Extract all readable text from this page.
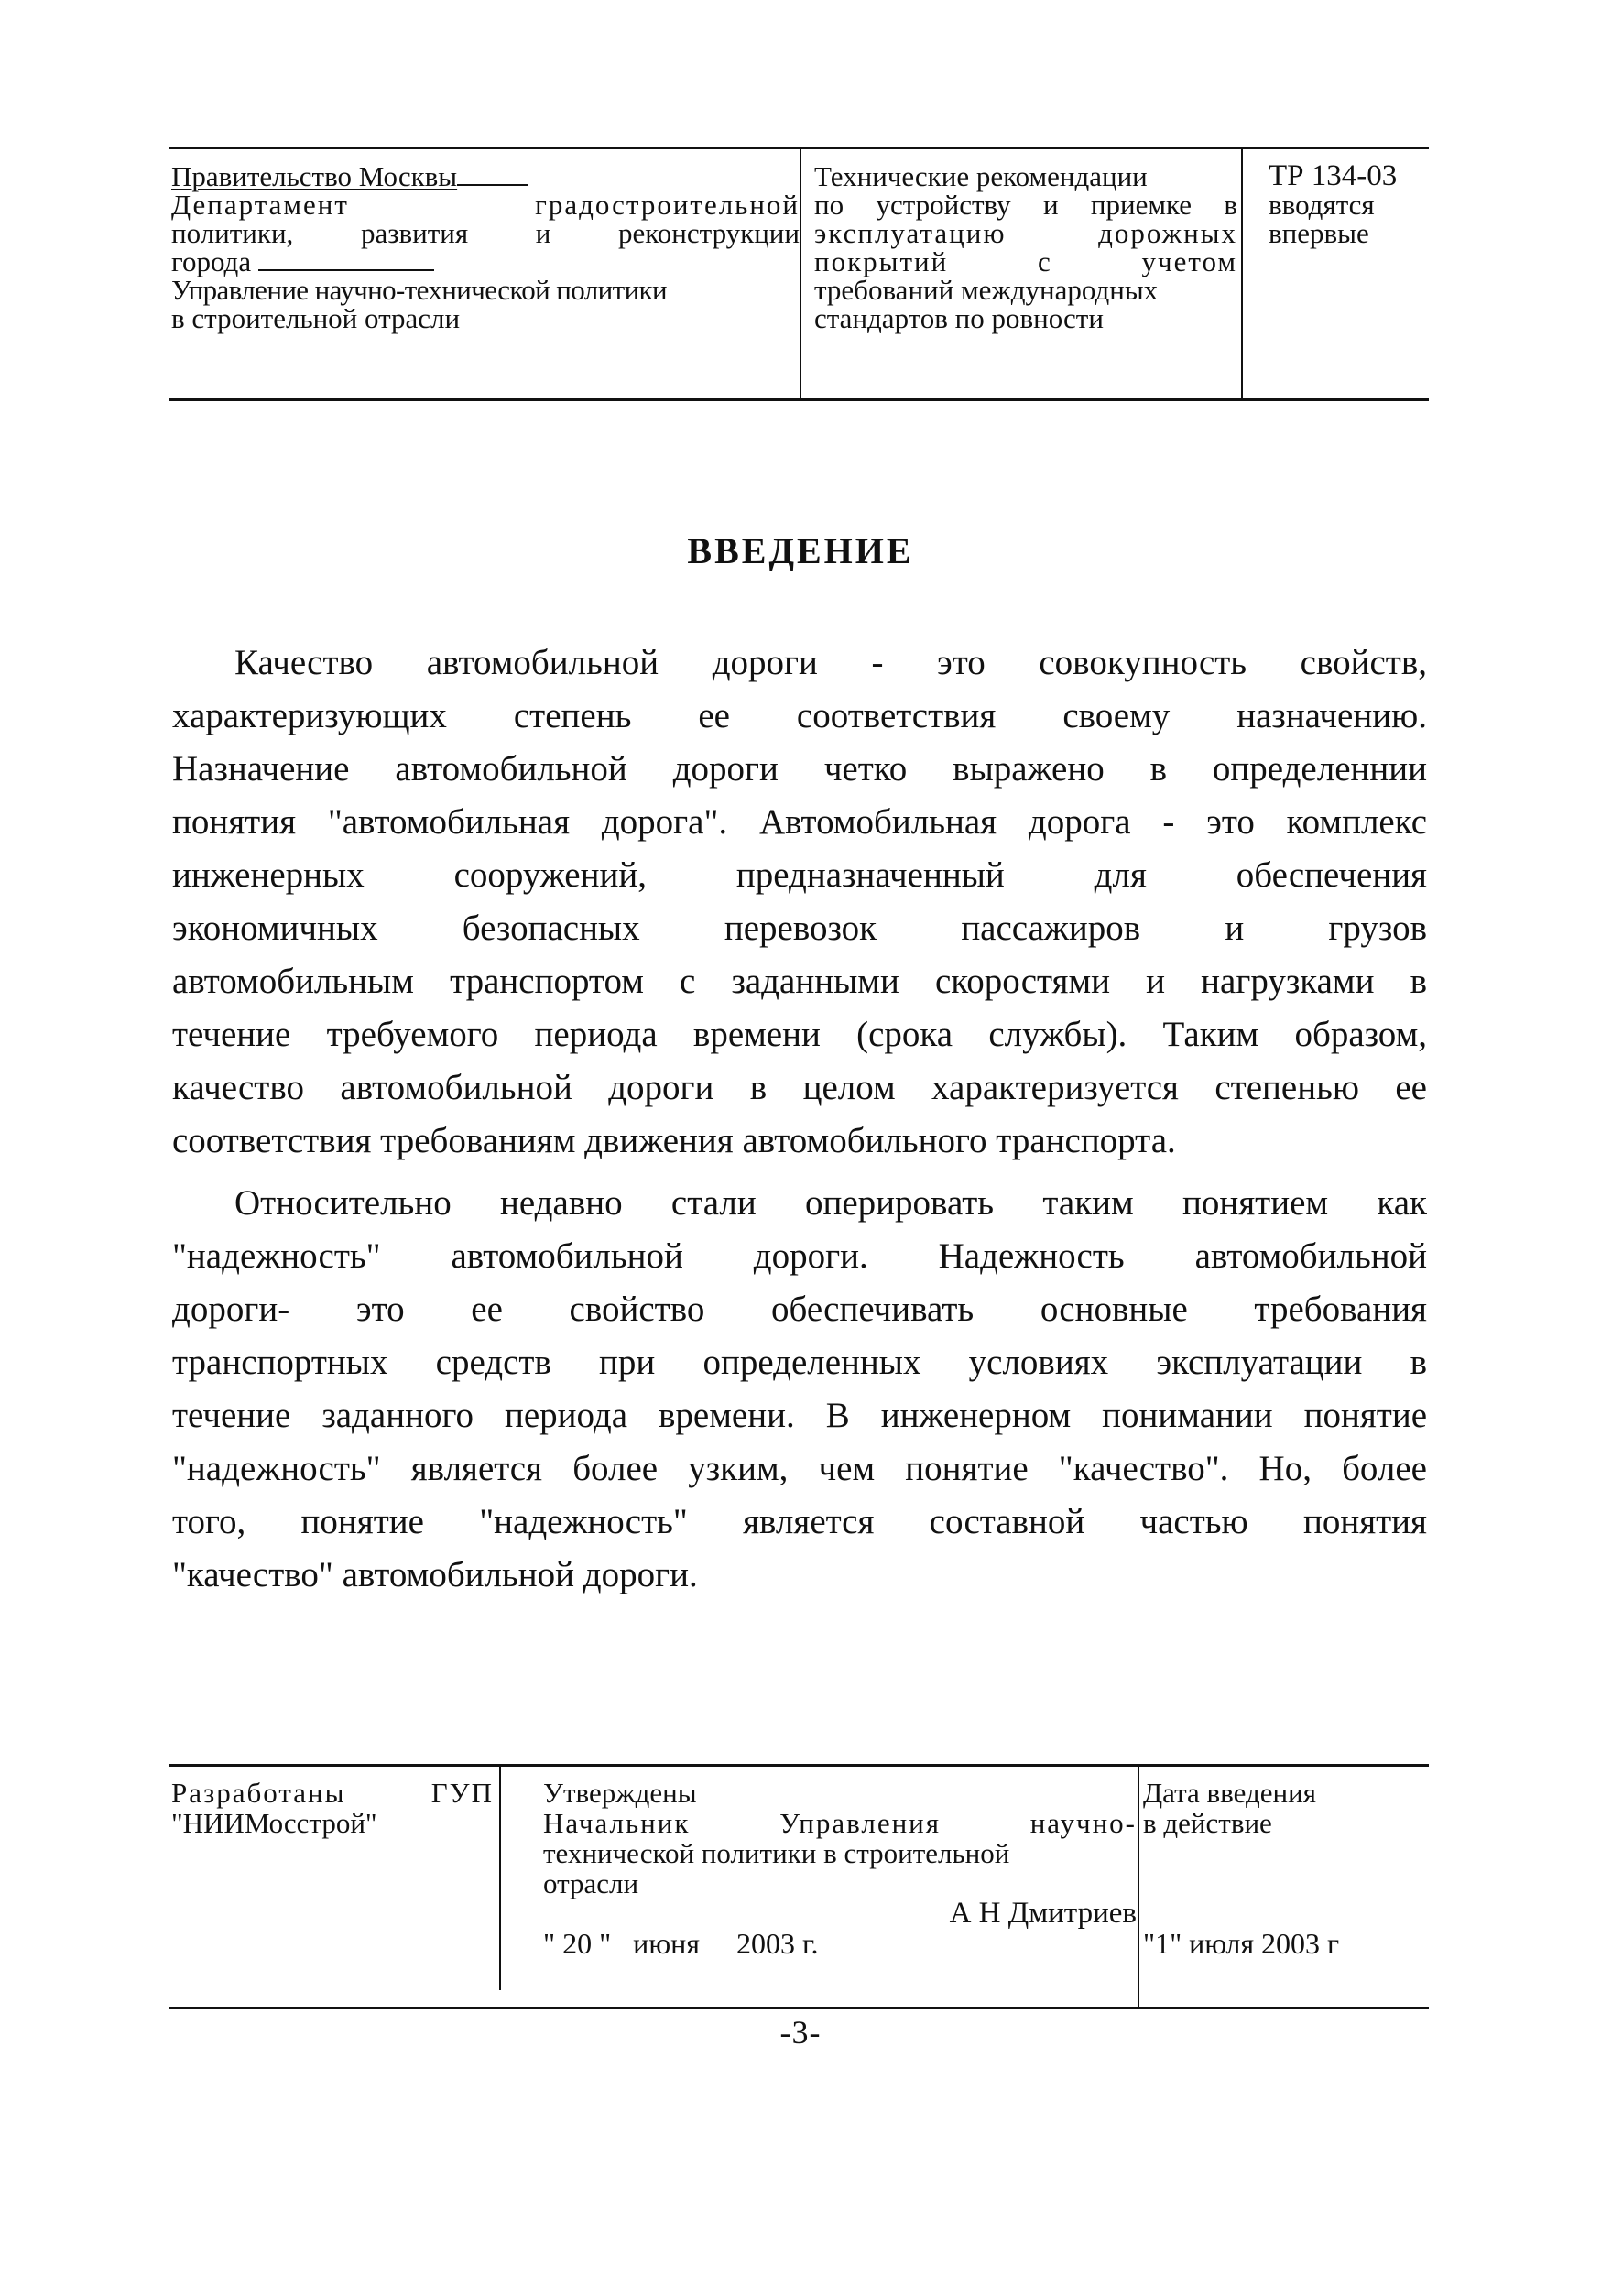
Правительство Москвы
Департамент градостроительной
политики, развития и реконструкции
города
Управление научно-технической политики
в строительной отрасли
Технические рекомендации
по устройству и приемке в
эксплуатацию дорожных
покрытий с учетом
требований международных
стандартов по ровности
ТР 134-03
вводятся
впервые
ВВЕДЕНИЕ

Качество автомобильной дороги - это совокупность свойств,

характеризующих степень ее соответствия своему назначению.

Назначение автомобильной дороги четко выражено в определеннии

понятия "автомобильная дорога". Автомобильная дорога - это комплекс

инженерных сооружений, предназначенный для обеспечения

экономичных безопасных перевозок пассажиров и грузов

автомобильным транспортом с заданными скоростями и нагрузками в

течение требуемого периода времени (срока службы). Таким образом,

качество автомобильной дороги в целом характеризуется степенью ее

соответствия требованиям движения автомобильного транспорта.

Относительно недавно стали оперировать таким понятием как

"надежность" автомобильной дороги. Надежность автомобильной

дороги- это ее свойство обеспечивать основные требования

транспортных средств при определенных условиях эксплуатации в

течение заданного периода времени. В инженерном понимании понятие

"надежность" является более узким, чем понятие "качество". Но, более

того, понятие "надежность" является составной частью понятия

"качество" автомобильной дороги.

Разработаны ГУП
"НИИМосстрой"
Утверждены
Начальник Управления научно-
технической политики в строительной
отрасли
А Н Дмитриев
" 20 "   июня     2003 г.
Дата введения
в действие
"1" июля 2003 г
-3-
